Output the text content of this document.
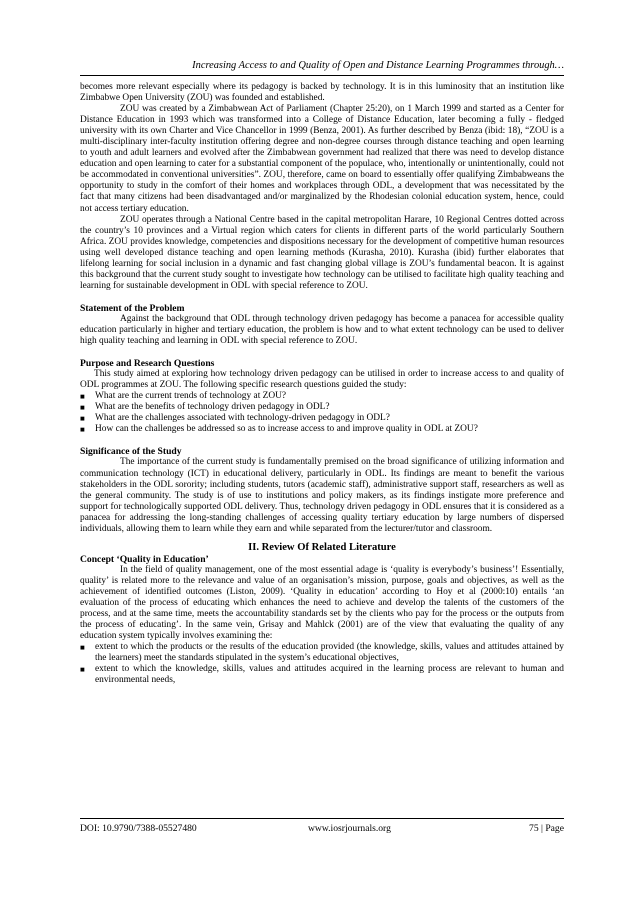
Increasing Access to and Quality of Open and Distance Learning Programmes through…

becomes more relevant especially where its pedagogy is backed by technology. It is in this luminosity that an institution like Zimbabwe Open University (ZOU) was founded and established.

ZOU was created by a Zimbabwean Act of Parliament (Chapter 25:20), on 1 March 1999 and started as a Center for Distance Education in 1993 which was transformed into a College of Distance Education, later becoming a fully - fledged university with its own Charter and Vice Chancellor in 1999 (Benza, 2001). As further described by Benza (ibid: 18), “ZOU is a multi-disciplinary inter-faculty institution offering degree and non-degree courses through distance teaching and open learning to youth and adult learners and evolved after the Zimbabwean government had realized that there was need to develop distance education and open learning to cater for a substantial component of the populace, who, intentionally or unintentionally, could not be accommodated in conventional universities”. ZOU, therefore, came on board to essentially offer qualifying Zimbabweans the opportunity to study in the comfort of their homes and workplaces through ODL, a development that was necessitated by the fact that many citizens had been disadvantaged and/or marginalized by the Rhodesian colonial education system, hence, could not access tertiary education.

ZOU operates through a National Centre based in the capital metropolitan Harare, 10 Regional Centres dotted across the country’s 10 provinces and a Virtual region which caters for clients in different parts of the world particularly Southern Africa. ZOU provides knowledge, competencies and dispositions necessary for the development of competitive human resources using well developed distance teaching and open learning methods (Kurasha, 2010). Kurasha (ibid) further elaborates that lifelong learning for social inclusion in a dynamic and fast changing global village is ZOU’s fundamental beacon. It is against this background that the current study sought to investigate how technology can be utilised to facilitate high quality teaching and learning for sustainable development in ODL with special reference to ZOU.

Statement of the Problem

Against the background that ODL through technology driven pedagogy has become a panacea for accessible quality education particularly in higher and tertiary education, the problem is how and to what extent technology can be used to deliver high quality teaching and learning in ODL with special reference to ZOU.

Purpose and Research Questions

This study aimed at exploring how technology driven pedagogy can be utilised in order to increase access to and quality of ODL programmes at ZOU. The following specific research questions guided the study:

■ What are the current trends of technology at ZOU?
■ What are the benefits of technology driven pedagogy in ODL?
■ What are the challenges associated with technology-driven pedagogy in ODL?
■ How can the challenges be addressed so as to increase access to and improve quality in ODL at ZOU?

Significance of the Study

The importance of the current study is fundamentally premised on the broad significance of utilizing information and communication technology (ICT) in educational delivery, particularly in ODL. Its findings are meant to benefit the various stakeholders in the ODL sorority; including students, tutors (academic staff), administrative support staff, researchers as well as the general community. The study is of use to institutions and policy makers, as its findings instigate more preference and support for technologically supported ODL delivery. Thus, technology driven pedagogy in ODL ensures that it is considered as a panacea for addressing the long-standing challenges of accessing quality tertiary education by large numbers of dispersed individuals, allowing them to learn while they earn and while separated from the lecturer/tutor and classroom.

II. Review Of Related Literature

Concept ‘Quality in Education’

In the field of quality management, one of the most essential adage is ‘quality is everybody’s business’! Essentially, quality’ is related more to the relevance and value of an organisation’s mission, purpose, goals and objectives, as well as the achievement of identified outcomes (Liston, 2009). ‘Quality in education’ according to Hoy et al (2000:10) entails ‘an evaluation of the process of educating which enhances the need to achieve and develop the talents of the customers of the process, and at the same time, meets the accountability standards set by the clients who pay for the process or the outputs from the process of educating’. In the same vein, Grisay and Mahlck (2001) are of the view that evaluating the quality of any education system typically involves examining the:

■ extent to which the products or the results of the education provided (the knowledge, skills, values and attitudes attained by the learners) meet the standards stipulated in the system’s educational objectives,
■ extent to which the knowledge, skills, values and attitudes acquired in the learning process are relevant to human and environmental needs,
DOI: 10.9790/7388-05527480	www.iosrjournals.org	75 | Page
